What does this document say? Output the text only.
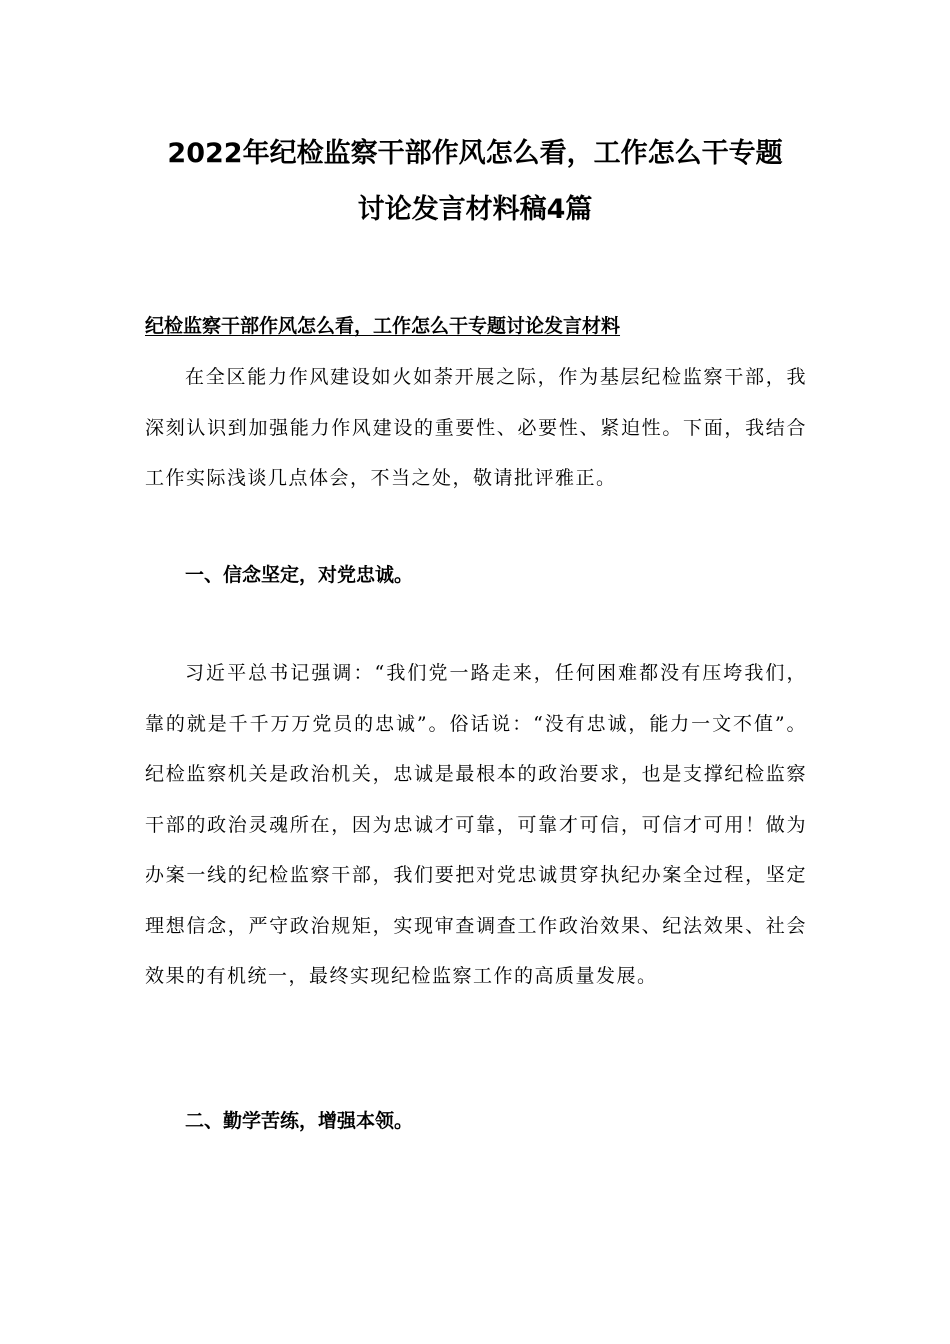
2022年纪检监察干部作风怎么看，工作怎么干专题
讨论发言材料稿4篇
纪检监察干部作风怎么看，工作怎么干专题讨论发言材料

在全区能力作风建设如火如荼开展之际，作为基层纪检监察干部，我深刻认识到加强能力作风建设的重要性、必要性、紧迫性。下面，我结合工作实际浅谈几点体会，不当之处，敬请批评雅正。

一、信念坚定，对党忠诚。

习近平总书记强调：“我们党一路走来，任何困难都没有压垮我们，靠的就是千千万万党员的忠诚”。俗话说：“没有忠诚，能力一文不值”。纪检监察机关是政治机关，忠诚是最根本的政治要求，也是支撑纪检监察干部的政治灵魂所在，因为忠诚才可靠，可靠才可信，可信才可用！做为办案一线的纪检监察干部，我们要把对党忠诚贯穿执纪办案全过程，坚定理想信念，严守政治规矩，实现审查调查工作政治效果、纪法效果、社会效果的有机统一，最终实现纪检监察工作的高质量发展。

二、勤学苦练，增强本领。
